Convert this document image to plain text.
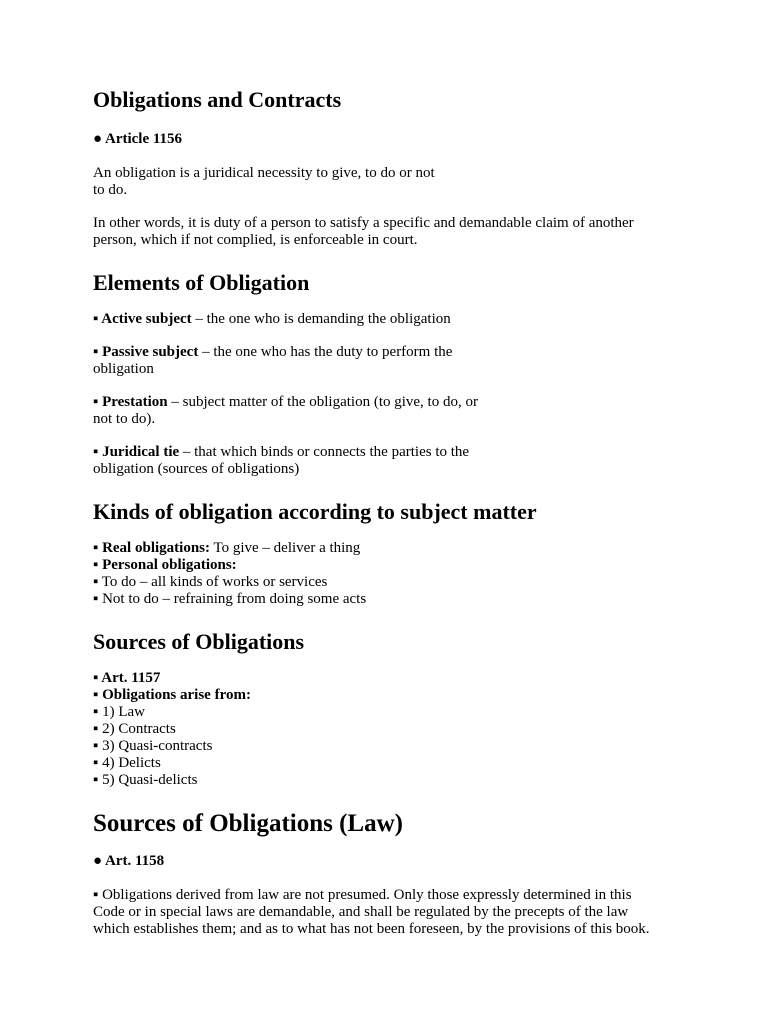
Obligations and Contracts

● Article 1156

An obligation is a juridical necessity to give, to do or not
to do.

In other words, it is duty of a person to satisfy a specific and demandable claim of another
person, which if not complied, is enforceable in court.

Elements of Obligation

▪ Active subject – the one who is demanding the obligation

▪ Passive subject – the one who has the duty to perform the
obligation

▪ Prestation – subject matter of the obligation (to give, to do, or
not to do).

▪ Juridical tie – that which binds or connects the parties to the
obligation (sources of obligations)

Kinds of obligation according to subject matter

▪ Real obligations: To give – deliver a thing
▪ Personal obligations:
▪ To do – all kinds of works or services
▪ Not to do – refraining from doing some acts

Sources of Obligations

▪ Art. 1157
▪ Obligations arise from:
▪ 1) Law
▪ 2) Contracts
▪ 3) Quasi-contracts
▪ 4) Delicts
▪ 5) Quasi-delicts

Sources of Obligations (Law)

● Art. 1158

▪ Obligations derived from law are not presumed. Only those expressly determined in this
Code or in special laws are demandable, and shall be regulated by the precepts of the law
which establishes them; and as to what has not been foreseen, by the provisions of this book.
